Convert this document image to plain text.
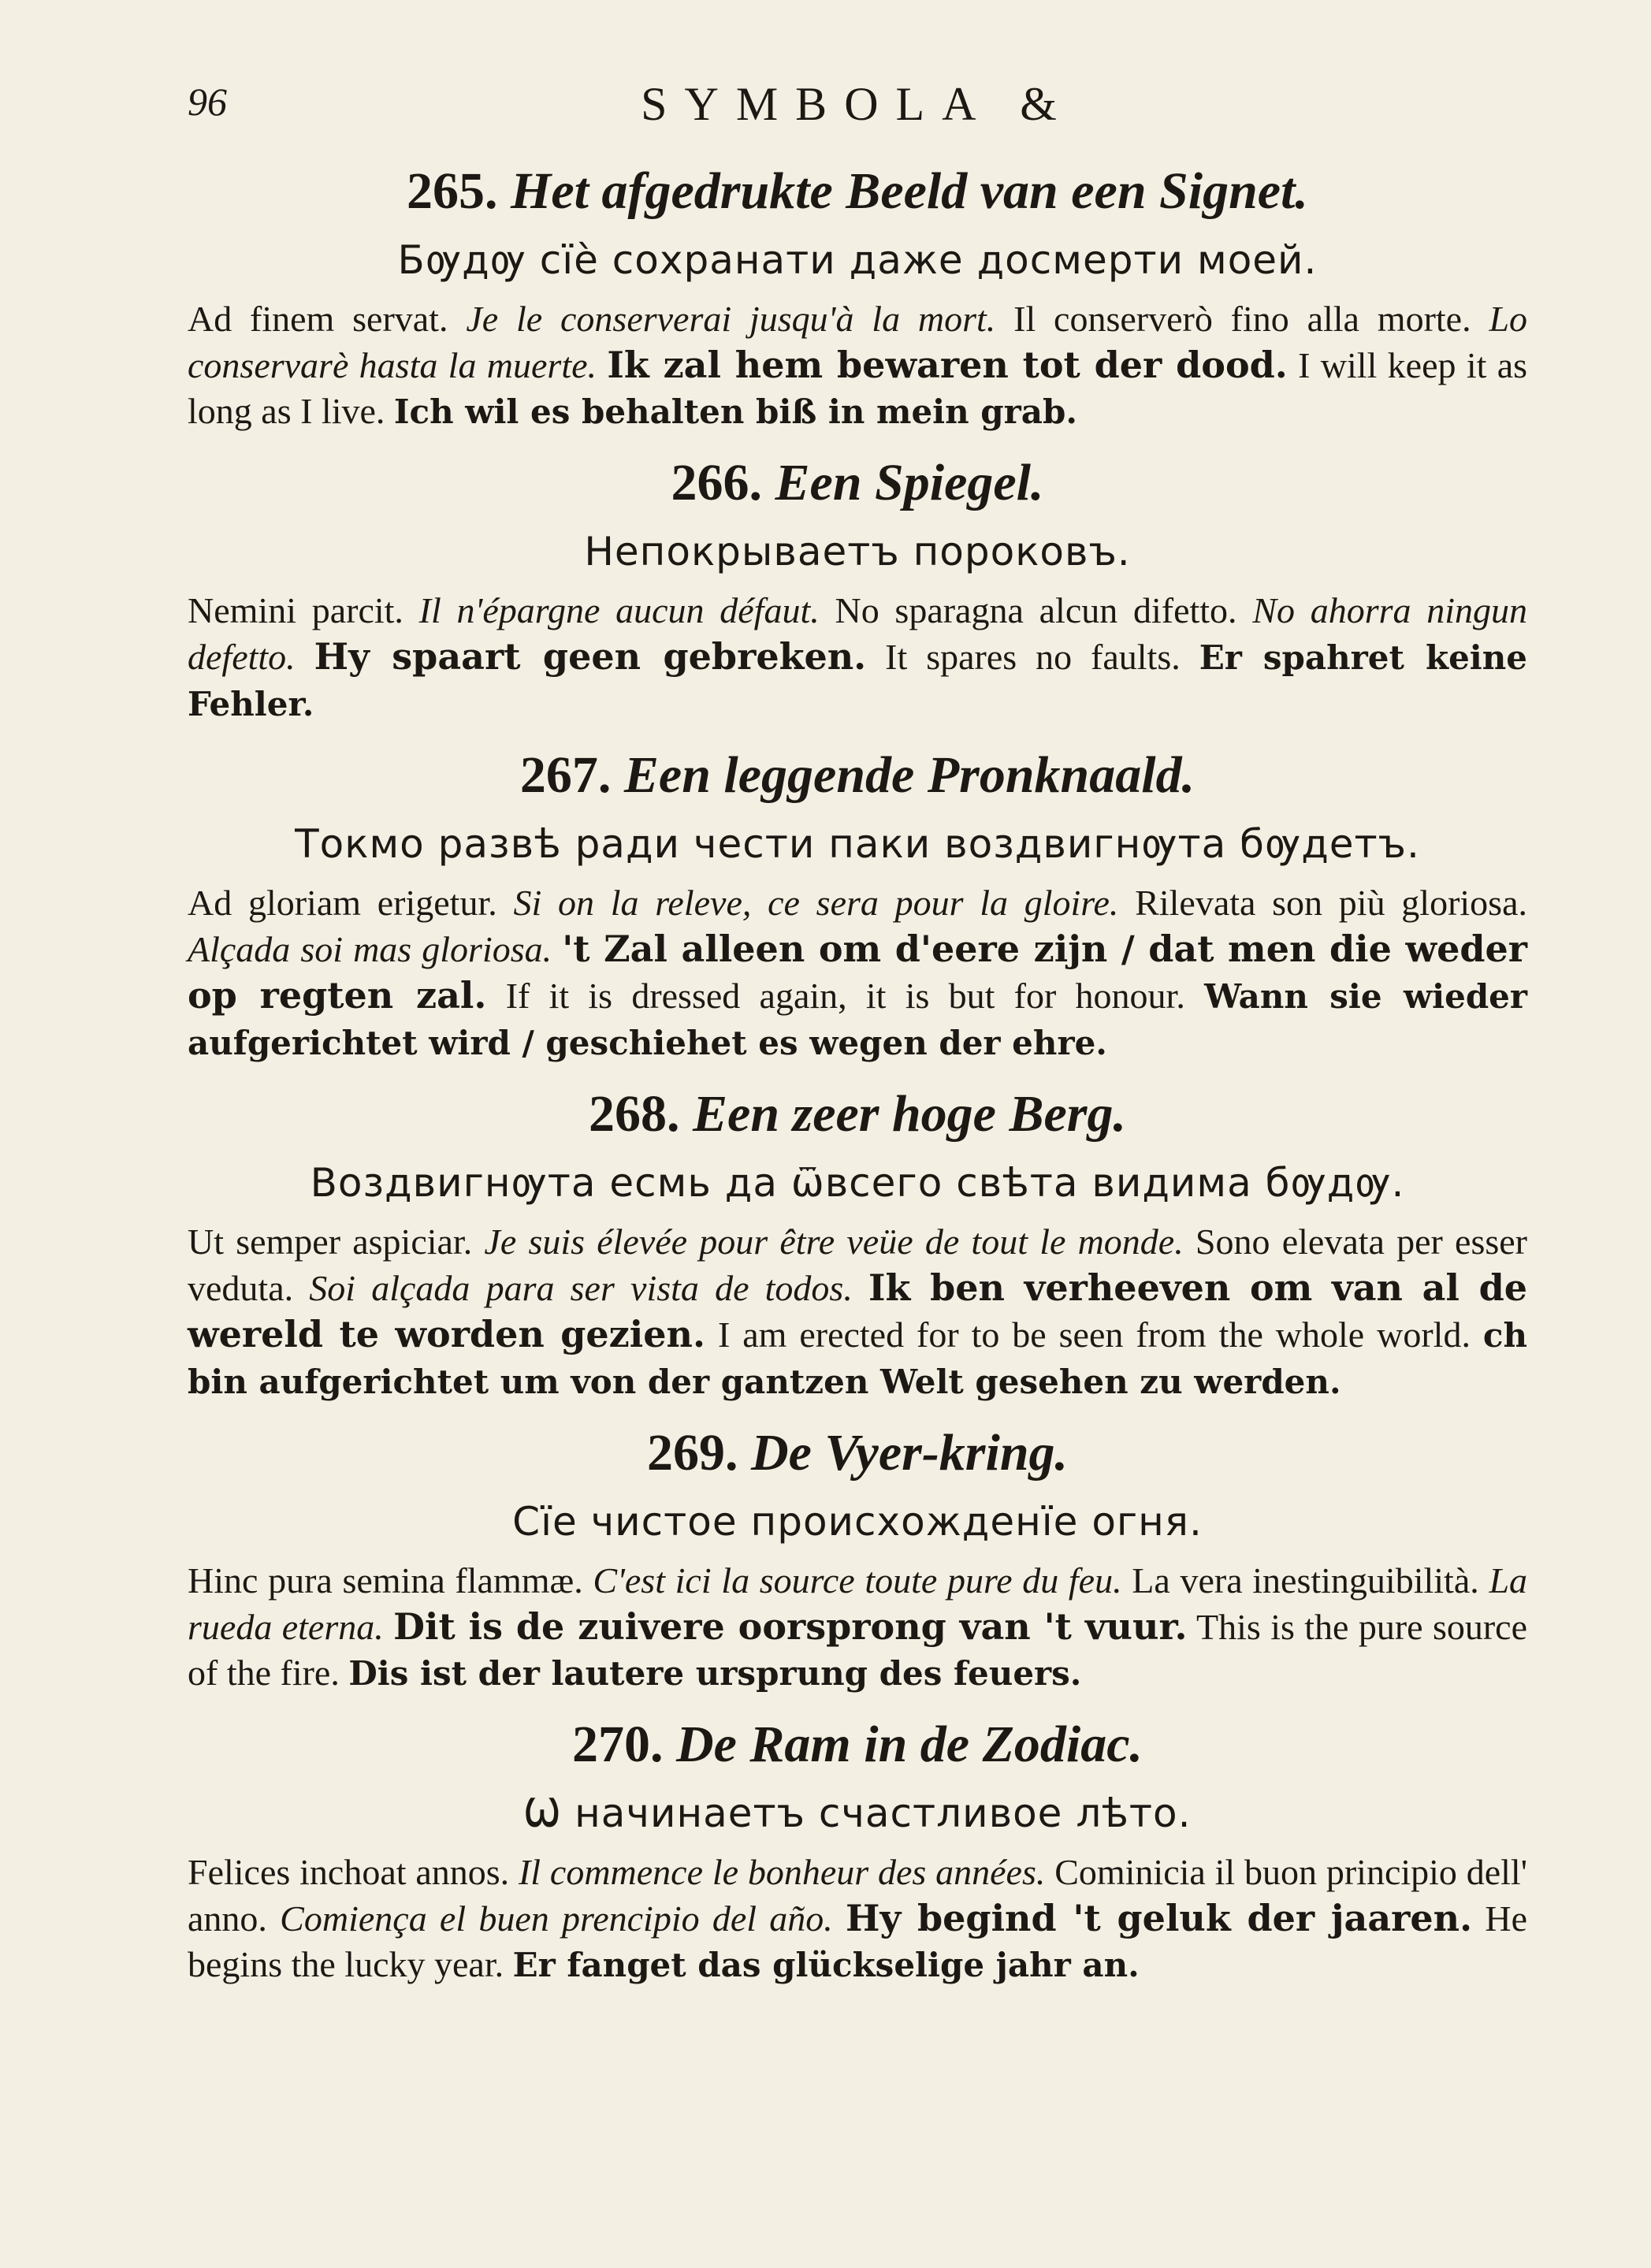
96	SYMBOLA &
265. Het afgedrukte Beeld van een Signet.
Бѹдѹ сїѐ сохранати даже досмерти моей.

Ad finem servat. Je le conserverai jusqu'à la mort. Il conserverò fino alla morte. Lo conservarè hasta la muerte. Ik zal hem bewaren tot der dood. I will keep it as long as I live. Ich wil es behalten biß in mein grab.

266. Een Spiegel.
Непокрываетъ пороковъ.

Nemini parcit. Il n'épargne aucun défaut. No sparagna alcun difetto. No ahorra ningun defetto. Hy spaart geen gebreken. It spares no faults. Er spahret keine Fehler.

267. Een leggende Pronknaald.
Токмо развѣ ради чести паки воздвигнѹта бѹдетъ.

Ad gloriam erigetur. Si on la releve, ce sera pour la gloire. Rilevata son più gloriosa. Alçada soi mas gloriosa. 't Zal alleen om d'eere zijn / dat men die weder op regten zal. If it is dressed again, it is but for honour. Wann sie wieder aufgerichtet wird / geschiehet es wegen der ehre.

268. Een zeer hoge Berg.
Воздвигнѹта есмь да ѿвсего свѣта видима бѹдѹ.

Ut semper aspiciar. Je suis élevée pour être veüe de tout le monde. Sono elevata per esser veduta. Soi alçada para ser vista de todos. Ik ben verheeven om van al de wereld te worden gezien. I am erected for to be seen from the whole world. ch bin aufgerichtet um von der gantzen Welt gesehen zu werden.

269. De Vyer-kring.
Сїе чистое происхожденїе огня.

Hinc pura semina flammæ. C'est ici la source toute pure du feu. La vera inestinguibilità. La rueda eterna. Dit is de zuivere oorsprong van 't vuur. This is the pure source of the fire. Dis ist der lautere ursprung des feuers.

270. De Ram in de Zodiac.
Ѡ начинаетъ счастливое лѣто.

Felices inchoat annos. Il commence le bonheur des années. Cominicia il buon principio dell' anno. Comiença el buen prencipio del año. Hy begind 't geluk der jaaren. He begins the lucky year. Er fanget das glückselige jahr an.
